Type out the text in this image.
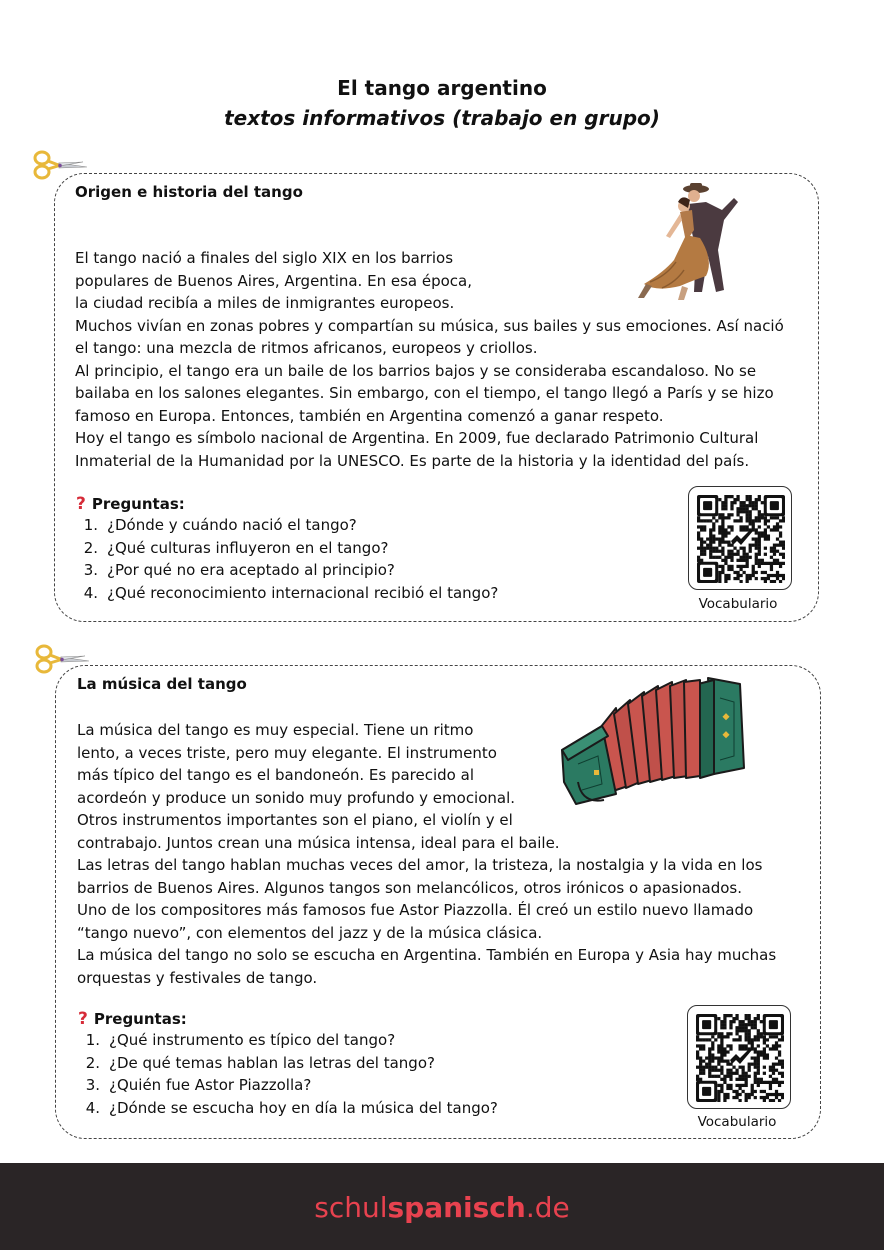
El tango argentino
textos informativos (trabajo en grupo)
Origen e historia del tango
El tango nació a finales del siglo XIX en los barrios
populares de Buenos Aires, Argentina. En esa época,
la ciudad recibía a miles de inmigrantes europeos.
Muchos vivían en zonas pobres y compartían su música, sus bailes y sus emociones. Así nació
el tango: una mezcla de ritmos africanos, europeos y criollos.
Al principio, el tango era un baile de los barrios bajos y se consideraba escandaloso. No se
bailaba en los salones elegantes. Sin embargo, con el tiempo, el tango llegó a París y se hizo
famoso en Europa. Entonces, también en Argentina comenzó a ganar respeto.
Hoy el tango es símbolo nacional de Argentina. En 2009, fue declarado Patrimonio Cultural
Inmaterial de la Humanidad por la UNESCO. Es parte de la historia y la identidad del país.
? Preguntas:
1. ¿Dónde y cuándo nació el tango?
2. ¿Qué culturas influyeron en el tango?
3. ¿Por qué no era aceptado al principio?
4. ¿Qué reconocimiento internacional recibió el tango?
Vocabulario
La música del tango
La música del tango es muy especial. Tiene un ritmo
lento, a veces triste, pero muy elegante. El instrumento
más típico del tango es el bandoneón. Es parecido al
acordeón y produce un sonido muy profundo y emocional.
Otros instrumentos importantes son el piano, el violín y el
contrabajo. Juntos crean una música intensa, ideal para el baile.
Las letras del tango hablan muchas veces del amor, la tristeza, la nostalgia y la vida en los
barrios de Buenos Aires. Algunos tangos son melancólicos, otros irónicos o apasionados.
Uno de los compositores más famosos fue Astor Piazzolla. Él creó un estilo nuevo llamado
“tango nuevo”, con elementos del jazz y de la música clásica.
La música del tango no solo se escucha en Argentina. También en Europa y Asia hay muchas
orquestas y festivales de tango.
? Preguntas:
1. ¿Qué instrumento es típico del tango?
2. ¿De qué temas hablan las letras del tango?
3. ¿Quién fue Astor Piazzolla?
4. ¿Dónde se escucha hoy en día la música del tango?
Vocabulario
schulspanisch.de
